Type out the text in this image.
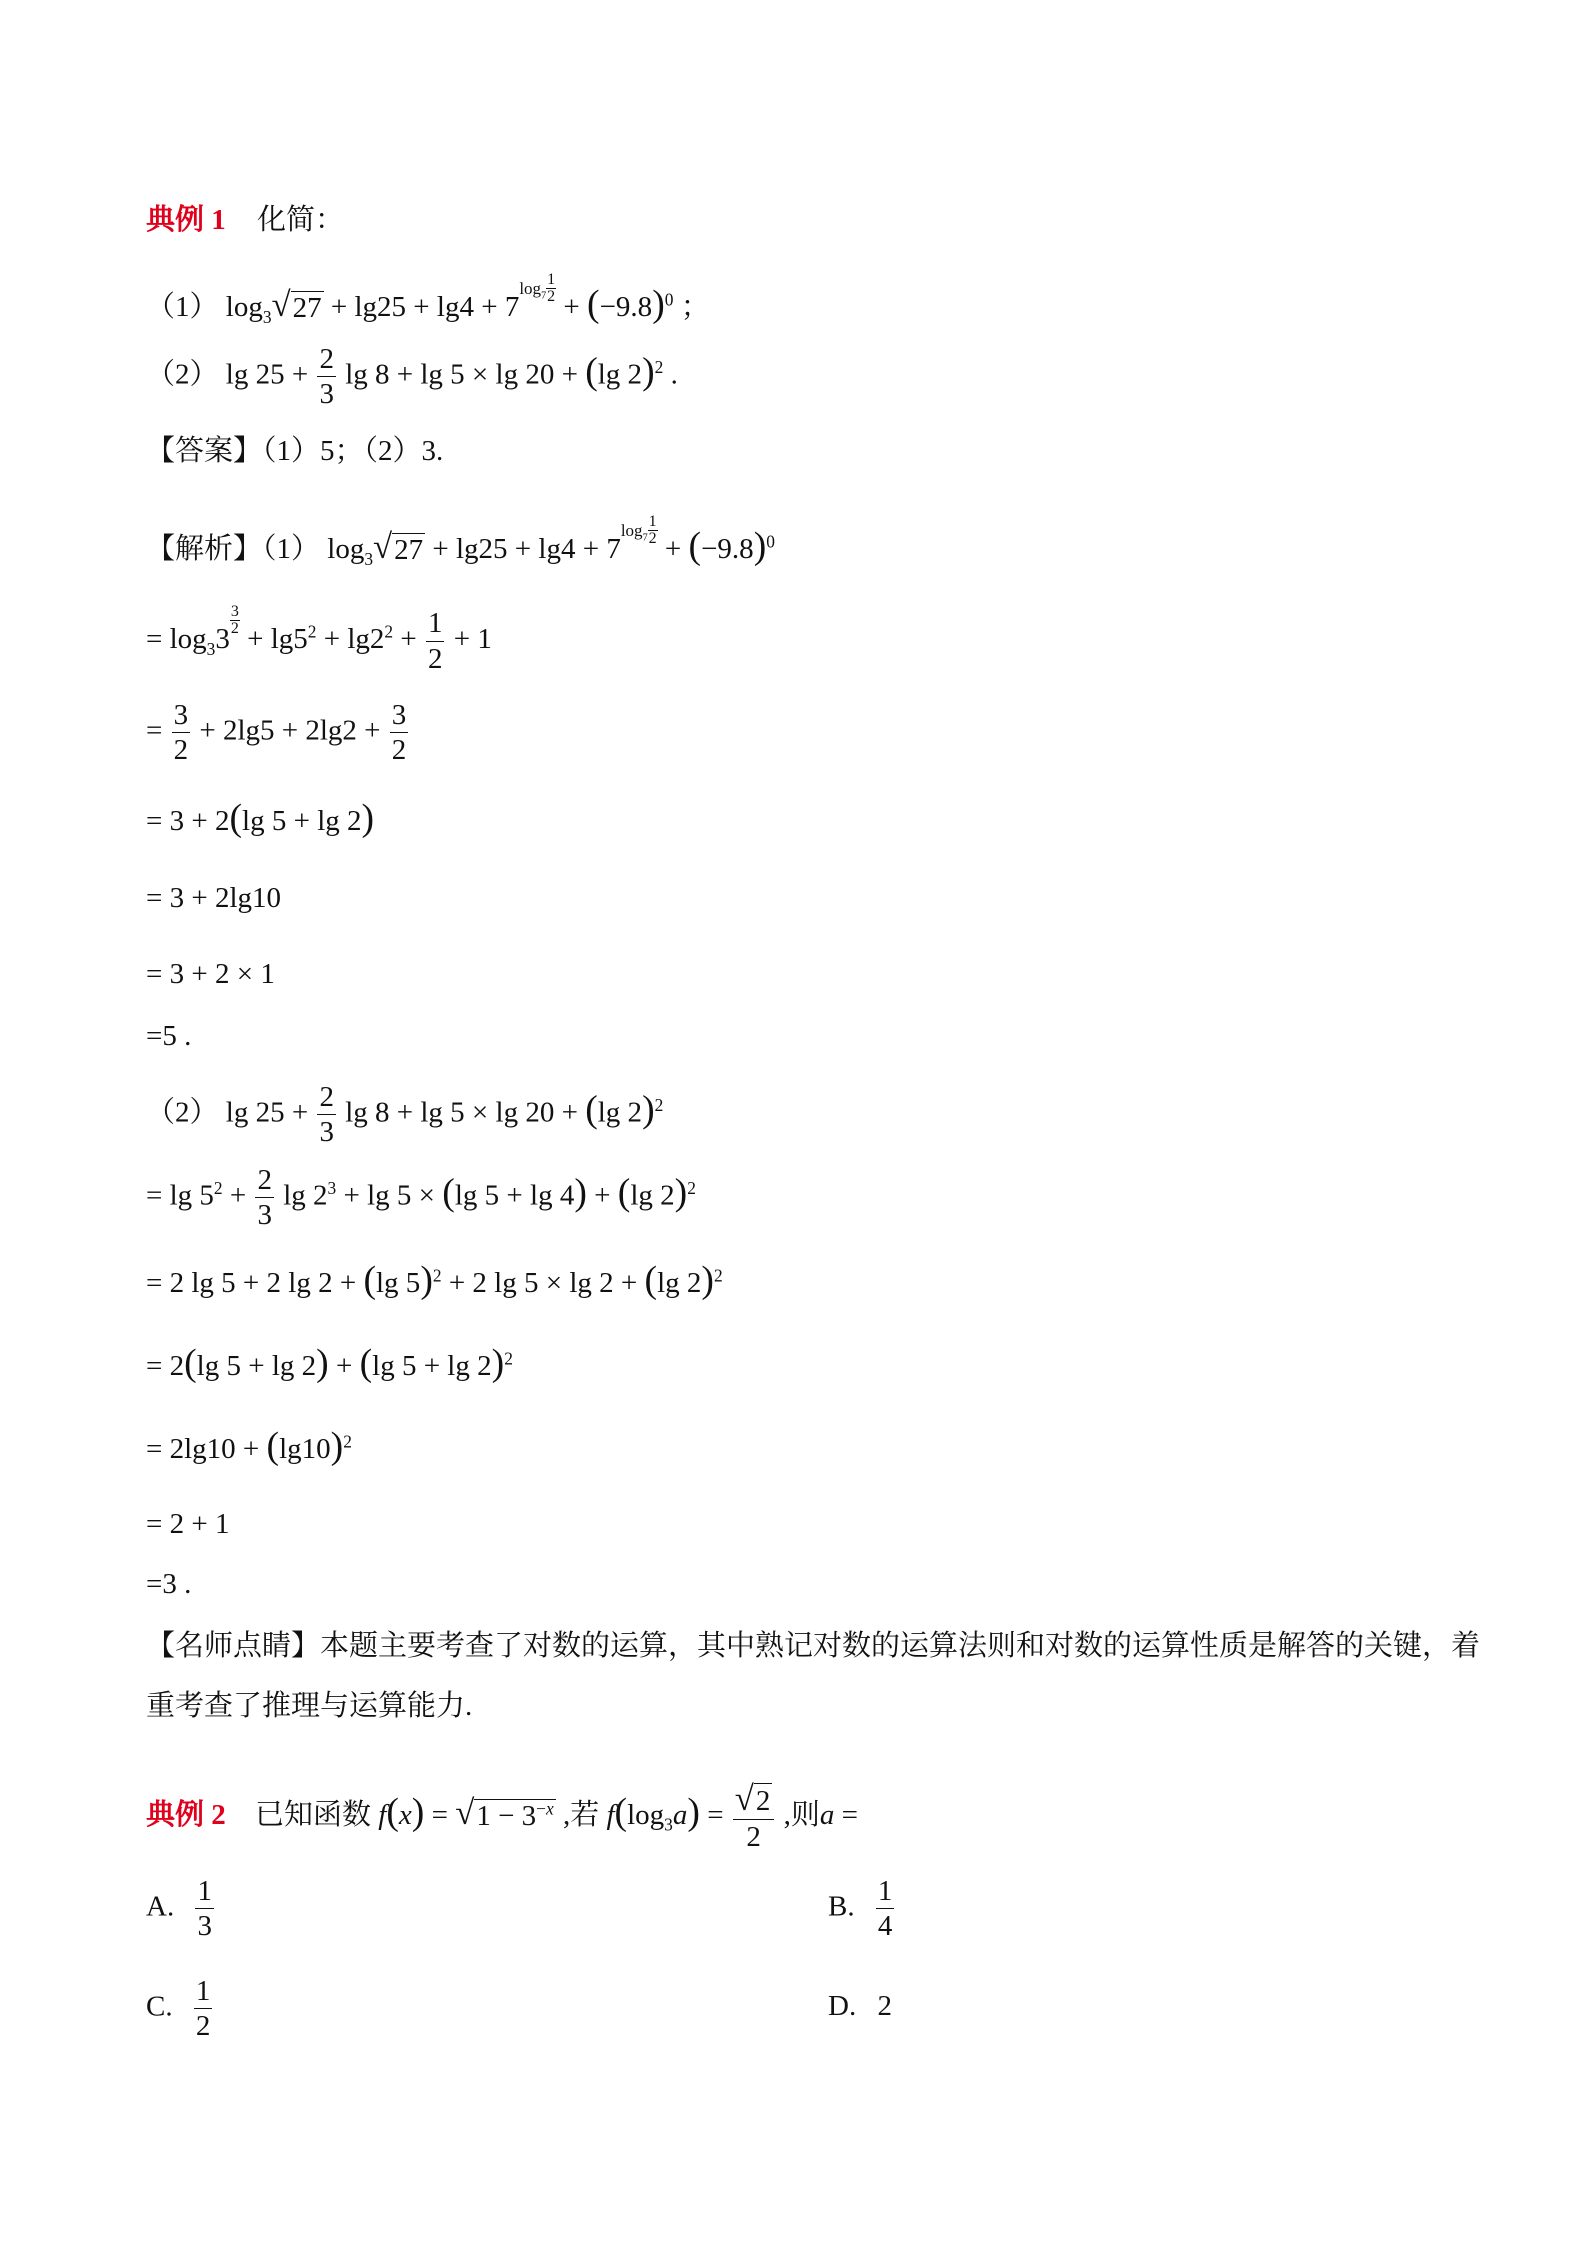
典例 1 化简：
（1） $\log_3$ √ $27 + \lg 25 + \lg 4 + 7\log_7 \frac{1}{2}$
+ $(-9.8)^0$ ；
（2） $\lg 25 + \frac{2}{3}$ lg 8 + lg 5 × lg 20 + (lg 2)$^2$ .
【答案】（1）5；（2）3.
【解析】（1） $\log_3$ √ $27 + \lg 25 + \lg 4 + 7\log_7 \frac{1}{2}$
+ $(-9.8)^0$
= $\log_33$
$\frac{3}{2}$
+ $\lg 5^2 + \lg 2^2 + \frac{1}{2} + 1$
= $\frac{3}{2} + 2\lg 5 + 2\lg 2 + \frac{3}{2}$
= 3 + 2(lg 5 + lg 2)
= 3 + 2lg10
= 3 + 2 × 1
=5 .
（2） $\lg 25 + \frac{2}{3}$ lg 8 + lg 5 × lg 20 + (lg 2)$^2$
= $\lg 5^2 + \frac{2}{3}$ $\lg 2^3 + \lg 5 \times (\lg$ 5 + lg 4) + (lg 2)$^2$
= 2 lg 5 + 2 lg 2 + (lg 5)$^2$ + 2 lg 5 × lg 2 + (lg 2)$^2$
= 2(lg 5 + lg 2) + (lg 5 + lg 2)$^2$
= $2\lg 10 + (\lg 10)^2$
= 2 + 1
=3 .
【名师点睛】本题主要考查了对数的运算，其中熟记对数的运算法则和对数的运算性质是解答的关键，着
重考查了推理与运算能力.
典例 2 已知函数 f(x) = √ $1 - 3^{-x}$ ,若 $f(\log_3a) = \frac{√ 2}{2}$ ,则a =
A. $\frac{1}{3}$	B. $\frac{1}{4}$
C. $\frac{1}{2}$	D. 2
